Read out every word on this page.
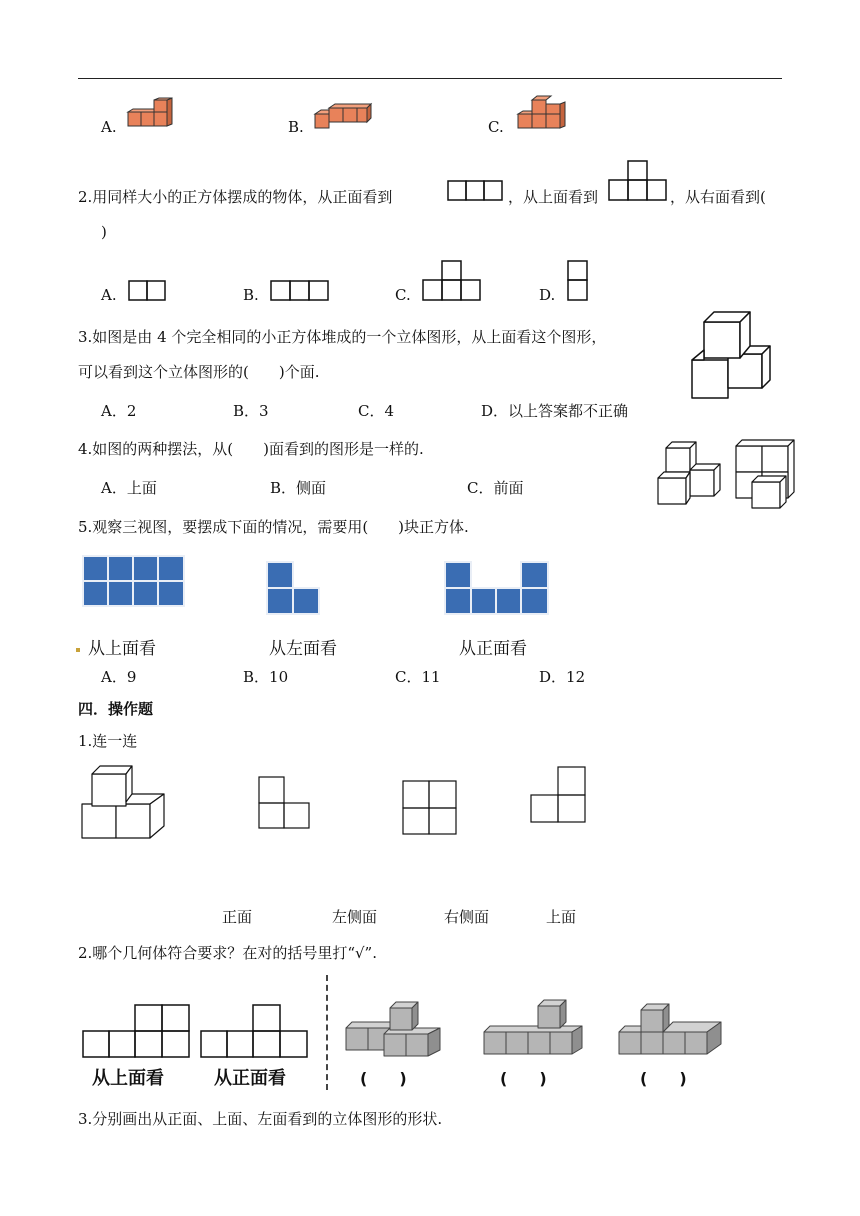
A.	B.	C.
2.用同样大小的正方体摆成的物体，从正面看到	，从上面看到	，从右面看到(
)
A.	B.	C.	D.
3.如图是由 4 个完全相同的小正方体堆成的一个立体图形，从上面看这个图形，
可以看到这个立体图形的(　　)个面.
A．2	B．3	C．4	D．以上答案都不正确
4.如图的两种摆法，从(　　)面看到的图形是一样的.
A．上面	B．侧面	C．前面
5.观察三视图，要摆成下面的情况，需要用(　　)块正方体.
从上面看	从左面看	从正面看
A．9	B．10	C．11	D．12
四．操作题
1.连一连
正面	左侧面	右侧面	上面
2.哪个几何体符合要求？在对的括号里打“√”.
从上面看	从正面看	(　　)	(　　)	(　　)
3.分别画出从正面、上面、左面看到的立体图形的形状.
